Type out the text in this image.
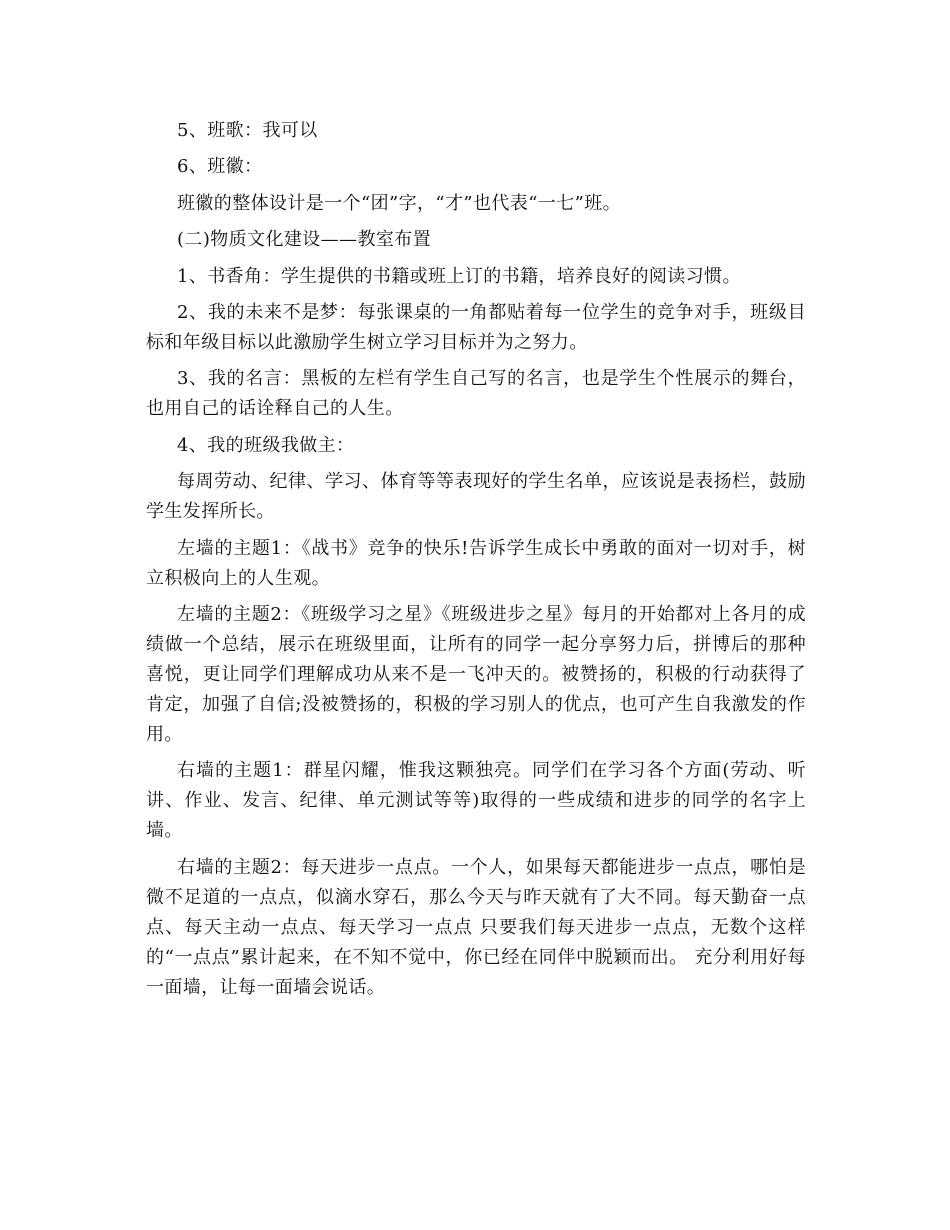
5、班歌：我可以

6、班徽：

班徽的整体设计是一个“团”字，“才”也代表“一七”班。

(二)物质文化建设——教室布置

1、书香角：学生提供的书籍或班上订的书籍，培养良好的阅读习惯。

2、我的未来不是梦：每张课桌的一角都贴着每一位学生的竞争对手，班级目标和年级目标以此激励学生树立学习目标并为之努力。

3、我的名言：黑板的左栏有学生自己写的名言，也是学生个性展示的舞台，也用自己的话诠释自己的人生。

4、我的班级我做主：

每周劳动、纪律、学习、体育等等表现好的学生名单，应该说是表扬栏，鼓励学生发挥所长。

左墙的主题1：《战书》竞争的快乐!告诉学生成长中勇敢的面对一切对手，树立积极向上的人生观。

左墙的主题2：《班级学习之星》《班级进步之星》每月的开始都对上各月的成绩做一个总结，展示在班级里面，让所有的同学一起分享努力后，拼博后的那种喜悦，更让同学们理解成功从来不是一飞冲天的。被赞扬的，积极的行动获得了肯定，加强了自信;没被赞扬的，积极的学习别人的优点，也可产生自我激发的作用。

右墙的主题1：群星闪耀，惟我这颗独亮。同学们在学习各个方面(劳动、听讲、作业、发言、纪律、单元测试等等)取得的一些成绩和进步的同学的名字上墙。

右墙的主题2：每天进步一点点。一个人，如果每天都能进步一点点，哪怕是微不足道的一点点，似滴水穿石，那么今天与昨天就有了大不同。每天勤奋一点点、每天主动一点点、每天学习一点点 只要我们每天进步一点点，无数个这样的“一点点”累计起来，在不知不觉中，你已经在同伴中脱颖而出。 充分利用好每一面墙，让每一面墙会说话。
